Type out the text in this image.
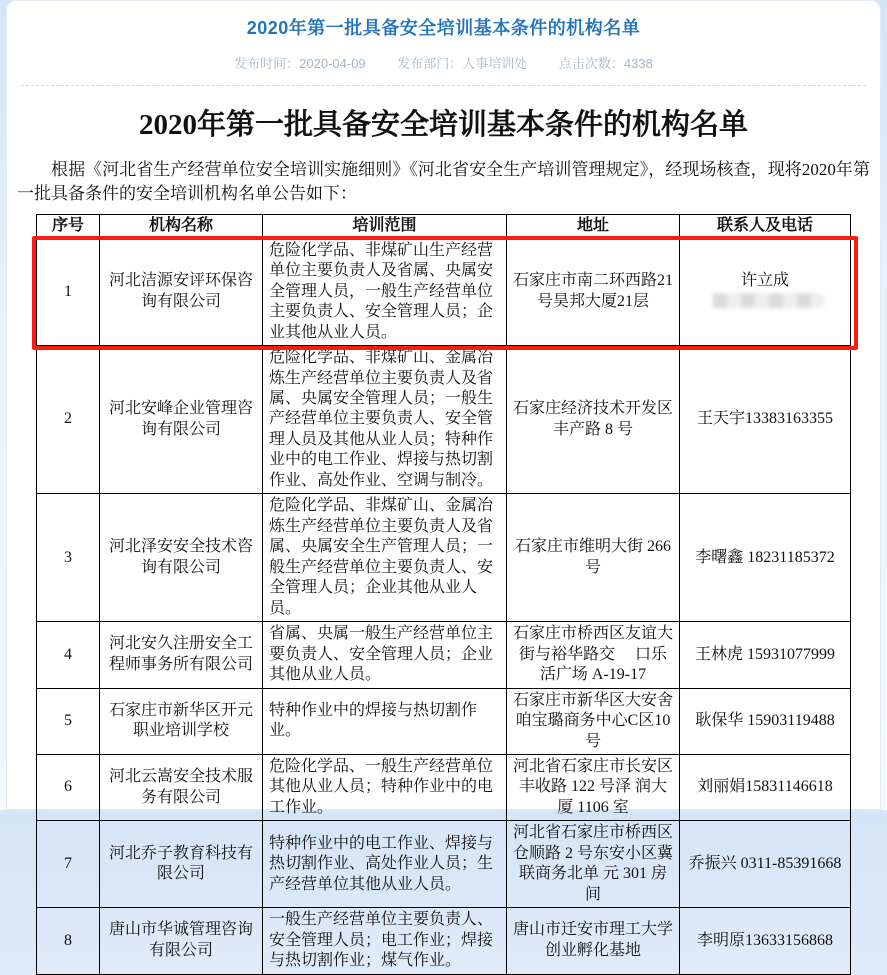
2020年第一批具备安全培训基本条件的机构名单
发布时间：2020-04-09 发布部门：人事培训处 点击次数：4338
2020年第一批具备安全培训基本条件的机构名单

根据《河北省生产经营单位安全培训实施细则》《河北省安全生产培训管理规定》，经现场核查，现将2020年第一批具备条件的安全培训机构名单公告如下：

序号	机构名称	培训范围	地址	联系人及电话
1	河北洁源安评环保咨询有限公司	危险化学品、非煤矿山生产经营单位主要负责人及省属、央属安全管理人员，一般生产经营单位主要负责人、安全管理人员；企业其他从业人员。	石家庄市南二环西路21号昊邦大厦21层	许立成
2	河北安峰企业管理咨询有限公司	危险化学品、非煤矿山、金属冶炼生产经营单位主要负责人及省属、央属安全管理人员；一般生产经营单位主要负责人、安全管理人员及其他从业人员；特种作业中的电工作业、焊接与热切割作业、高处作业、空调与制冷。	石家庄经济技术开发区丰产路 8 号	王天宇13383163355
3	河北泽安安全技术咨询有限公司	危险化学品、非煤矿山、金属冶炼生产经营单位主要负责人及省属、央属安全生产管理人员；一般生产经营单位主要负责人、安全管理人员；企业其他从业人员。	石家庄市维明大街 266 号	李曙鑫 18231185372
4	河北安久注册安全工程师事务所有限公司	省属、央属一般生产经营单位主要负责人、安全管理人员；企业其他从业人员。	石家庄市桥西区友谊大街与裕华路交　 口乐活广场 A-19-17	王林虎 15931077999
5	石家庄市新华区开元职业培训学校	特种作业中的焊接与热切割作业。	石家庄市新华区大安舍咱宝璐商务中心C区10号	耿保华 15903119488
6	河北云嵩安全技术服务有限公司	危险化学品、一般生产经营单位其他从业人员；特种作业中的电工作业。	河北省石家庄市长安区丰收路 122 号泽 润大厦 1106 室	刘丽娟15831146618
7	河北乔子教育科技有限公司	特种作业中的电工作业、焊接与热切割作业、高处作业人员；生产经营单位其他从业人员。	河北省石家庄市桥西区仓顺路 2 号东安小区冀联商务北单 元 301 房间	乔振兴 0311-85391668
8	唐山市华诚管理咨询有限公司	一般生产经营单位主要负责人、安全管理人员；电工作业；焊接与热切割作业；煤气作业。	唐山市迁安市理工大学创业孵化基地	李明原13633156868
